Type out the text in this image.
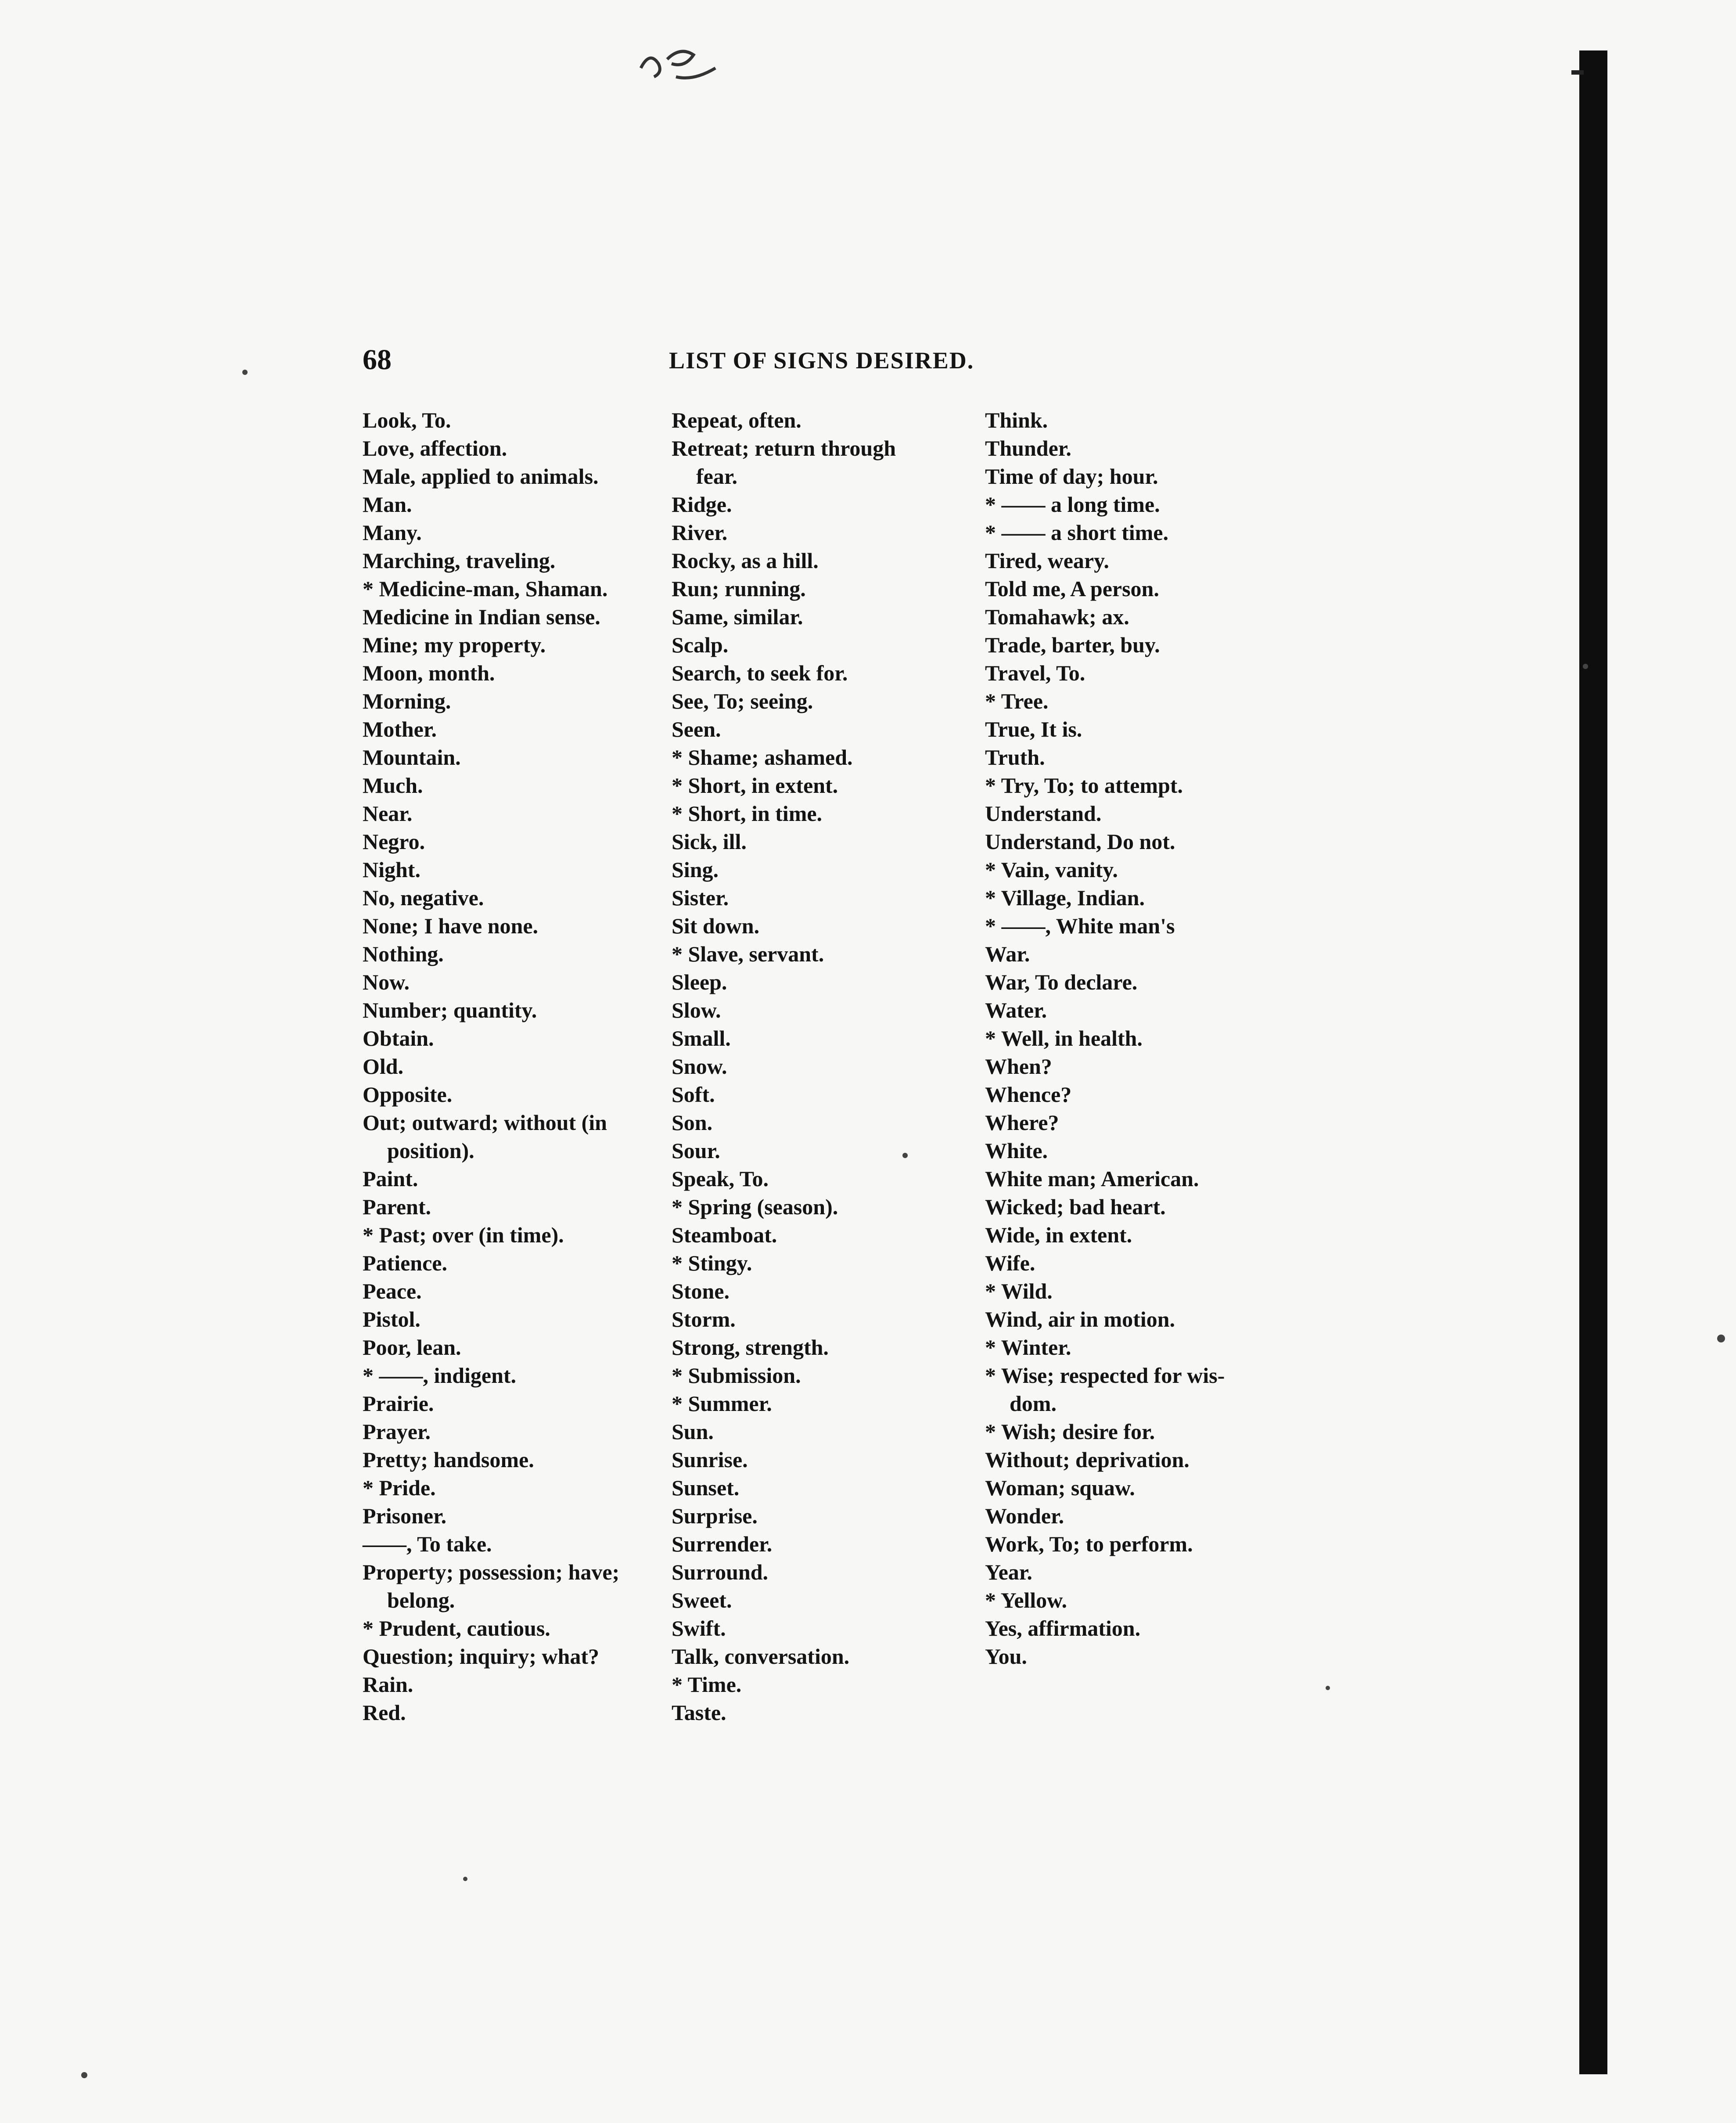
68	LIST OF SIGNS DESIRED.
Look, To.
Love, affection.
Male, applied to animals.
Man.
Many.
Marching, traveling.
* Medicine-man, Shaman.
Medicine in Indian sense.
Mine; my property.
Moon, month.
Morning.
Mother.
Mountain.
Much.
Near.
Negro.
Night.
No, negative.
None; I have none.
Nothing.
Now.
Number; quantity.
Obtain.
Old.
Opposite.
Out; outward; without (in
position).
Paint.
Parent.
* Past; over (in time).
Patience.
Peace.
Pistol.
Poor, lean.
* ——, indigent.
Prairie.
Prayer.
Pretty; handsome.
* Pride.
Prisoner.
——, To take.
Property; possession; have;
belong.
* Prudent, cautious.
Question; inquiry; what?
Rain.
Red.
Repeat, often.
Retreat; return through
fear.
Ridge.
River.
Rocky, as a hill.
Run; running.
Same, similar.
Scalp.
Search, to seek for.
See, To; seeing.
Seen.
* Shame; ashamed.
* Short, in extent.
* Short, in time.
Sick, ill.
Sing.
Sister.
Sit down.
* Slave, servant.
Sleep.
Slow.
Small.
Snow.
Soft.
Son.
Sour.
Speak, To.
* Spring (season).
Steamboat.
* Stingy.
Stone.
Storm.
Strong, strength.
* Submission.
* Summer.
Sun.
Sunrise.
Sunset.
Surprise.
Surrender.
Surround.
Sweet.
Swift.
Talk, conversation.
* Time.
Taste.
Think.
Thunder.
Time of day; hour.
* —— a long time.
* —— a short time.
Tired, weary.
Told me, A person.
Tomahawk; ax.
Trade, barter, buy.
Travel, To.
* Tree.
True, It is.
Truth.
* Try, To; to attempt.
Understand.
Understand, Do not.
* Vain, vanity.
* Village, Indian.
* ——, White man's
War.
War, To declare.
Water.
* Well, in health.
When?
Whence?
Where?
White.
White man; American.
Wicked; bad heart.
Wide, in extent.
Wife.
* Wild.
Wind, air in motion.
* Winter.
* Wise; respected for wis-
dom.
* Wish; desire for.
Without; deprivation.
Woman; squaw.
Wonder.
Work, To; to perform.
Year.
* Yellow.
Yes, affirmation.
You.
